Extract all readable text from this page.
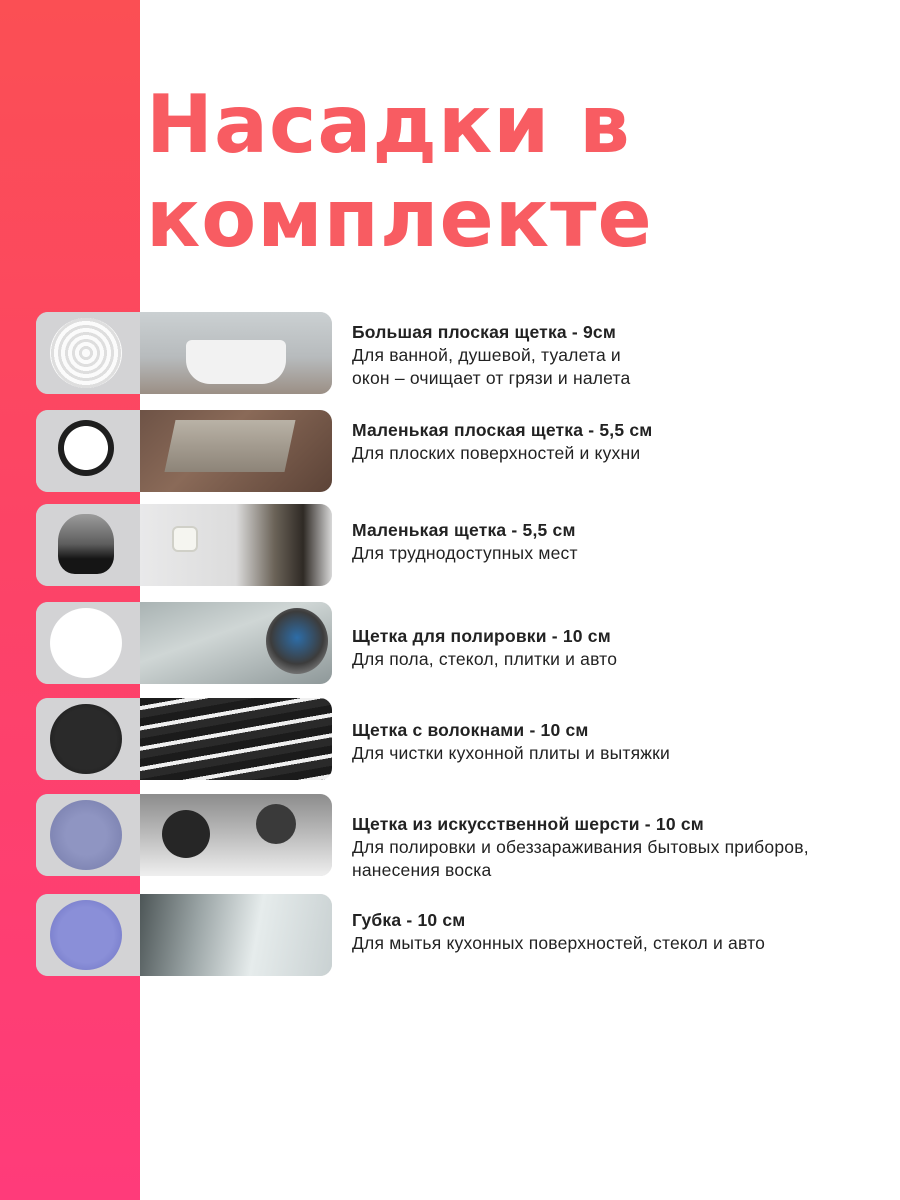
Насадки в
комплекте
Большая плоская щетка - 9см
Для ванной, душевой, туалета и
окон – очищает от грязи и налета
Маленькая плоская щетка - 5,5 см
Для плоских поверхностей и кухни
Маленькая щетка - 5,5 см
Для труднодоступных мест
Щетка для полировки - 10 см
Для пола, стекол, плитки и авто
Щетка с волокнами - 10 см
Для чистки кухонной плиты и вытяжки
Щетка из искусственной шерсти - 10 см
Для полировки и обеззараживания бытовых приборов,
нанесения воска
Губка - 10 см
Для мытья кухонных поверхностей, стекол и авто
